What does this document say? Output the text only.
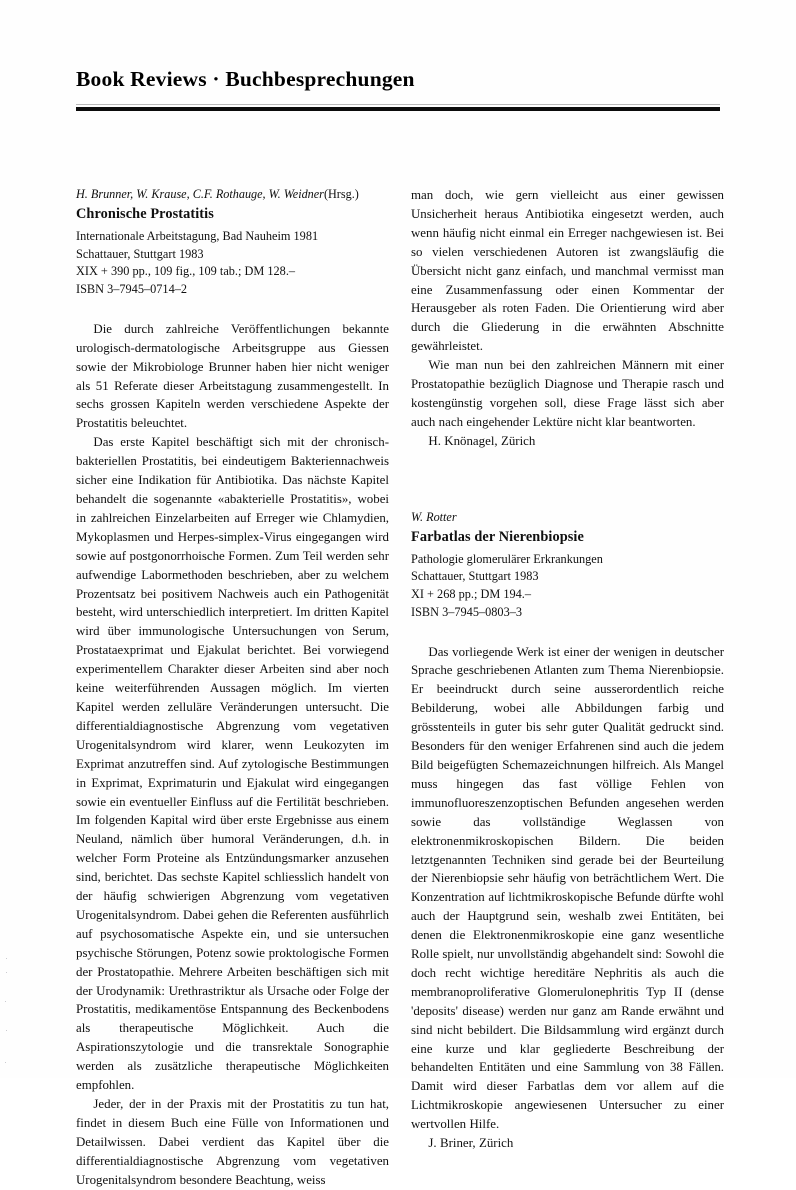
Book Reviews · Buchbesprechungen
H. Brunner, W. Krause, C.F. Rothauge, W. Weidner(Hrsg.)
Chronische Prostatitis
Internationale Arbeitstagung, Bad Nauheim 1981
Schattauer, Stuttgart 1983
XIX + 390 pp., 109 fig., 109 tab.; DM 128.–
ISBN 3–7945–0714–2

Die durch zahlreiche Veröffentlichungen bekannte urologisch-dermatologische Arbeitsgruppe aus Giessen sowie der Mikrobiologe Brunner haben hier nicht weniger als 51 Referate dieser Arbeitstagung zusammengestellt. In sechs grossen Kapiteln werden verschiedene Aspekte der Prostatitis beleuchtet.

Das erste Kapitel beschäftigt sich mit der chronisch-bakteriellen Prostatitis, bei eindeutigem Bakteriennachweis sicher eine Indikation für Antibiotika. Das nächste Kapitel behandelt die sogenannte «abakterielle Prostatitis», wobei in zahlreichen Einzelarbeiten auf Erreger wie Chlamydien, Mykoplasmen und Herpes-simplex-Virus eingegangen wird sowie auf postgonorrhoische Formen. Zum Teil werden sehr aufwendige Labormethoden beschrieben, aber zu welchem Prozentsatz bei positivem Nachweis auch ein Pathogenität besteht, wird unterschiedlich interpretiert. Im dritten Kapitel wird über immunologische Untersuchungen von Serum, Prostataexprimat und Ejakulat berichtet. Bei vorwiegend experimentellem Charakter dieser Arbeiten sind aber noch keine weiterführenden Aussagen möglich. Im vierten Kapitel werden zelluläre Veränderungen untersucht. Die differentialdiagnostische Abgrenzung vom vegetativen Urogenitalsyndrom wird klarer, wenn Leukozyten im Exprimat anzutreffen sind. Auf zytologische Bestimmungen in Exprimat, Exprimaturin und Ejakulat wird eingegangen sowie ein eventueller Einfluss auf die Fertilität beschrieben. Im folgenden Kapital wird über erste Ergebnisse aus einem Neuland, nämlich über humoral Veränderungen, d.h. in welcher Form Proteine als Entzündungsmarker anzusehen sind, berichtet. Das sechste Kapitel schliesslich handelt von der häufig schwierigen Abgrenzung vom vegetativen Urogenitalsyndrom. Dabei gehen die Referenten ausführlich auf psychosomatische Aspekte ein, und sie untersuchen psychische Störungen, Potenz sowie proktologische Formen der Prostatopathie. Mehrere Arbeiten beschäftigen sich mit der Urodynamik: Urethrastriktur als Ursache oder Folge der Prostatitis, medikamentöse Entspannung des Beckenbodens als therapeutische Möglichkeit. Auch die Aspirationszytologie und die transrektale Sonographie werden als zusätzliche therapeutische Möglichkeiten empfohlen.

Jeder, der in der Praxis mit der Prostatitis zu tun hat, findet in diesem Buch eine Fülle von Informationen und Detailwissen. Dabei verdient das Kapitel über die differentialdiagnostische Abgrenzung vom vegetativen Urogenitalsyndrom besondere Beachtung, weiss

man doch, wie gern vielleicht aus einer gewissen Unsicherheit heraus Antibiotika eingesetzt werden, auch wenn häufig nicht einmal ein Erreger nachgewiesen ist. Bei so vielen verschiedenen Autoren ist zwangsläufig die Übersicht nicht ganz einfach, und manchmal vermisst man eine Zusammenfassung oder einen Kommentar der Herausgeber als roten Faden. Die Orientierung wird aber durch die Gliederung in die erwähnten Abschnitte gewährleistet.

Wie man nun bei den zahlreichen Männern mit einer Prostatopathie bezüglich Diagnose und Therapie rasch und kostengünstig vorgehen soll, diese Frage lässt sich aber auch nach eingehender Lektüre nicht klar beantworten.

H. Knönagel, Zürich

W. Rotter
Farbatlas der Nierenbiopsie
Pathologie glomerulärer Erkrankungen
Schattauer, Stuttgart 1983
XI + 268 pp.; DM 194.–
ISBN 3–7945–0803–3

Das vorliegende Werk ist einer der wenigen in deutscher Sprache geschriebenen Atlanten zum Thema Nierenbiopsie. Er beeindruckt durch seine ausserordentlich reiche Bebilderung, wobei alle Abbildungen farbig und grösstenteils in guter bis sehr guter Qualität gedruckt sind. Besonders für den weniger Erfahrenen sind auch die jedem Bild beigefügten Schemazeichnungen hilfreich. Als Mangel muss hingegen das fast völlige Fehlen von immunofluoreszenzoptischen Befunden angesehen werden sowie das vollständige Weglassen von elektronenmikroskopischen Bildern. Die beiden letztgenannten Techniken sind gerade bei der Beurteilung der Nierenbiopsie sehr häufig von beträchtlichem Wert. Die Konzentration auf lichtmikroskopische Befunde dürfte wohl auch der Hauptgrund sein, weshalb zwei Entitäten, bei denen die Elektronenmikroskopie eine ganz wesentliche Rolle spielt, nur unvollständig abgehandelt sind: Sowohl die doch recht wichtige hereditäre Nephritis als auch die membranoproliferative Glomerulonephritis Typ II (dense 'deposits' disease) werden nur ganz am Rande erwähnt und sind nicht bebildert. Die Bildsammlung wird ergänzt durch eine kurze und klar gegliederte Beschreibung der behandelten Entitäten und eine Sammlung von 38 Fällen. Damit wird dieser Farbatlas dem vor allem auf die Lichtmikroskopie angewiesenen Untersucher zu einer wertvollen Hilfe.

J. Briner, Zürich
